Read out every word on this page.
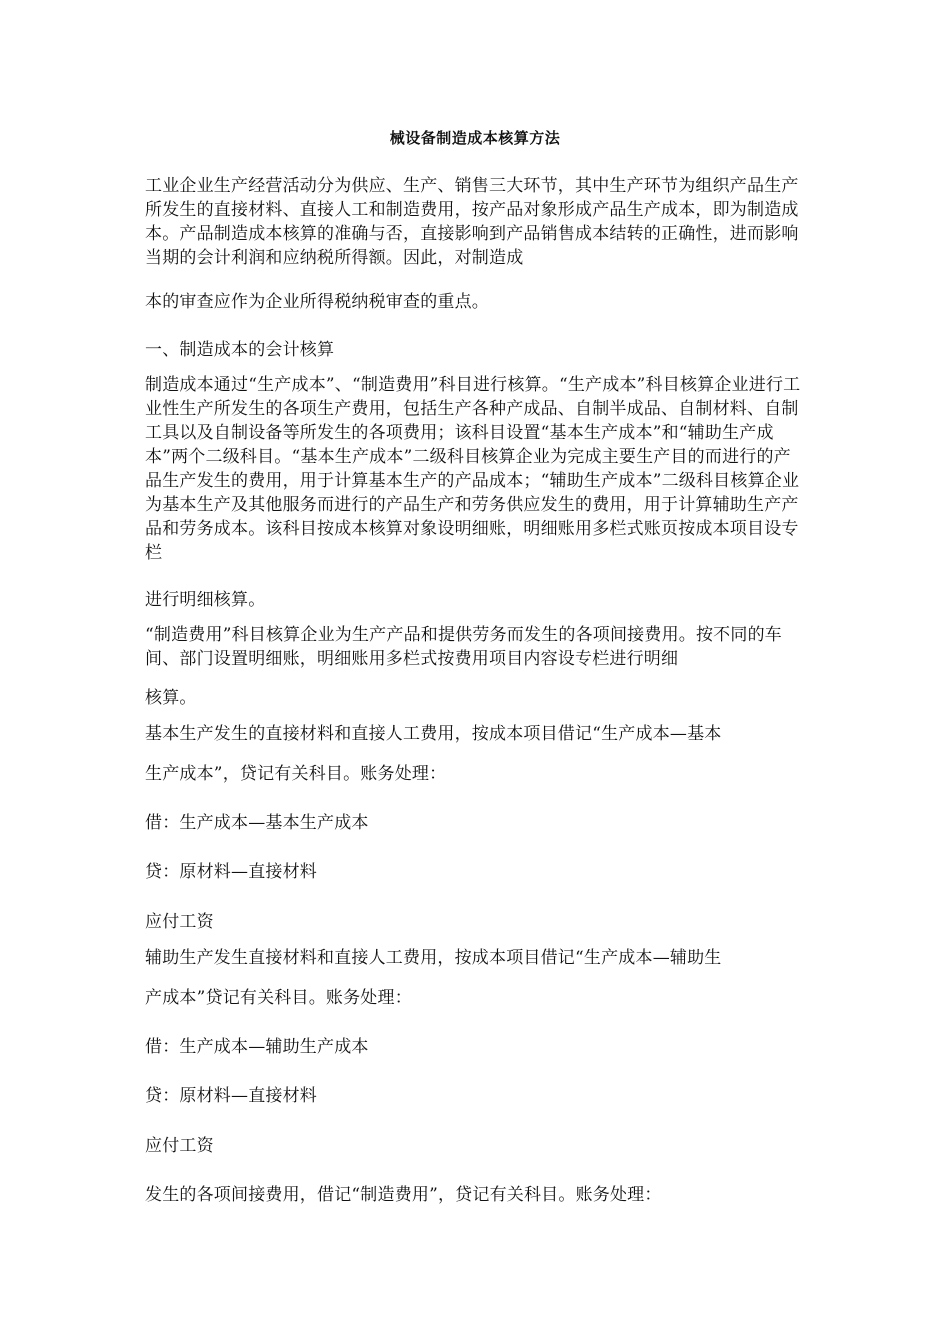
械设备制造成本核算方法

工业企业生产经营活动分为供应、生产、销售三大环节，其中生产环节为组织产品生产所发生的直接材料、直接人工和制造费用，按产品对象形成产品生产成本，即为制造成本。产品制造成本核算的准确与否，直接影响到产品销售成本结转的正确性，进而影响当期的会计利润和应纳税所得额。因此，对制造成

本的审查应作为企业所得税纳税审查的重点。

一、制造成本的会计核算

制造成本通过“生产成本”、“制造费用”科目进行核算。“生产成本”科目核算企业进行工业性生产所发生的各项生产费用，包括生产各种产成品、自制半成品、自制材料、自制工具以及自制设备等所发生的各项费用；该科目设置“基本生产成本”和“辅助生产成本”两个二级科目。“基本生产成本”二级科目核算企业为完成主要生产目的而进行的产品生产发生的费用，用于计算基本生产的产品成本；“辅助生产成本”二级科目核算企业为基本生产及其他服务而进行的产品生产和劳务供应发生的费用，用于计算辅助生产产品和劳务成本。该科目按成本核算对象设明细账，明细账用多栏式账页按成本项目设专栏

进行明细核算。

“制造费用”科目核算企业为生产产品和提供劳务而发生的各项间接费用。按不同的车间、部门设置明细账，明细账用多栏式按费用项目内容设专栏进行明细

核算。

基本生产发生的直接材料和直接人工费用，按成本项目借记“生产成本—基本

生产成本”，贷记有关科目。账务处理：

借：生产成本—基本生产成本

贷：原材料—直接材料

应付工资

辅助生产发生直接材料和直接人工费用，按成本项目借记“生产成本—辅助生

产成本”贷记有关科目。账务处理：

借：生产成本—辅助生产成本

贷：原材料—直接材料

应付工资

发生的各项间接费用，借记“制造费用”，贷记有关科目。账务处理：
